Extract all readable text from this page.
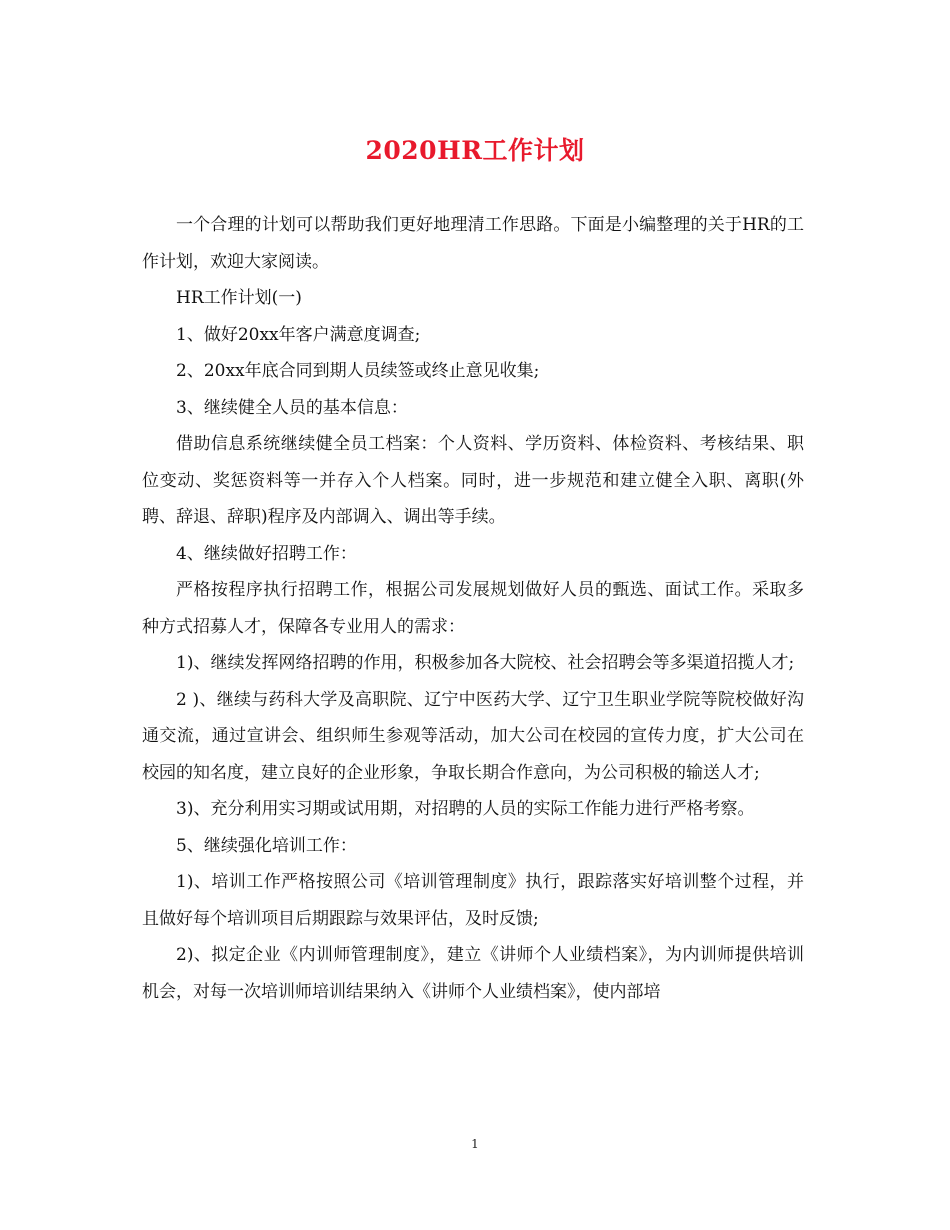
2020HR工作计划

一个合理的计划可以帮助我们更好地理清工作思路。下面是小编整理的关于HR的工作计划，欢迎大家阅读。

HR工作计划(一)

1、做好20xx年客户满意度调查;

2、20xx年底合同到期人员续签或终止意见收集;

3、继续健全人员的基本信息：

借助信息系统继续健全员工档案：个人资料、学历资料、体检资料、考核结果、职位变动、奖惩资料等一并存入个人档案。同时，进一步规范和建立健全入职、离职(外聘、辞退、辞职)程序及内部调入、调出等手续。

4、继续做好招聘工作：

严格按程序执行招聘工作，根据公司发展规划做好人员的甄选、面试工作。采取多种方式招募人才，保障各专业用人的需求：

1)、继续发挥网络招聘的作用，积极参加各大院校、社会招聘会等多渠道招揽人才;

2 )、继续与药科大学及高职院、辽宁中医药大学、辽宁卫生职业学院等院校做好沟通交流，通过宣讲会、组织师生参观等活动，加大公司在校园的宣传力度，扩大公司在校园的知名度，建立良好的企业形象，争取长期合作意向，为公司积极的输送人才;

3)、充分利用实习期或试用期，对招聘的人员的实际工作能力进行严格考察。

5、继续强化培训工作：

1)、培训工作严格按照公司《培训管理制度》执行，跟踪落实好培训整个过程，并且做好每个培训项目后期跟踪与效果评估，及时反馈;

2)、拟定企业《内训师管理制度》，建立《讲师个人业绩档案》，为内训师提供培训机会，对每一次培训师培训结果纳入《讲师个人业绩档案》，使内部培

1
